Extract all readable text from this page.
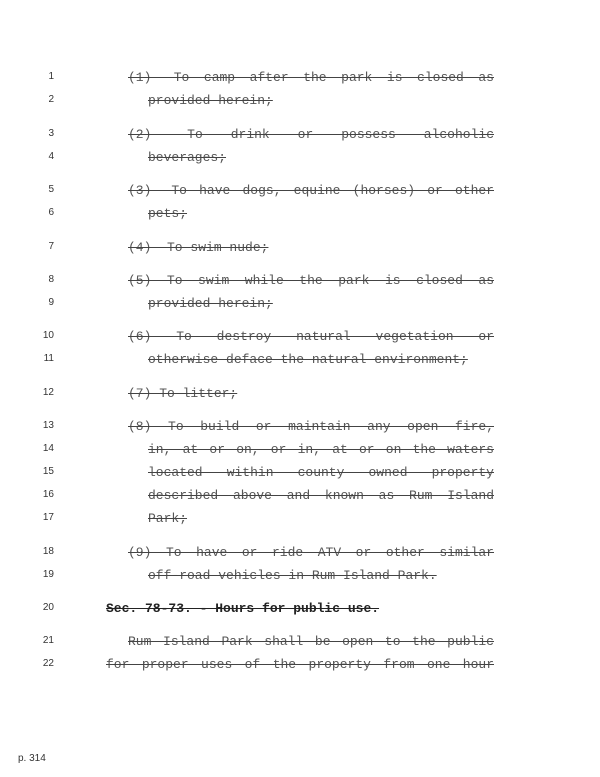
1	(1) —To camp after the park is closed as
2	provided herein;
3	(2) —To drink or possess alcoholic
4	beverages;
5	(3) —To have dogs, equine (horses) or other
6	pets;
7	(4) —To swim nude;
8	(5) To swim while the park is closed as
9	provided herein;
10	(6) To destroy natural vegetation or
11	otherwise deface the natural environment;
12	(7) To litter;
13	(8) To build or maintain any open fire,
14	in, at or on, or in, at or on the waters
15	located within county owned property
16	described above and known as Rum Island
17	Park;
18	(9) To have or ride ATV or other similar
19	off-road vehicles in Rum Island Park.
20	Sec. 78-73. - Hours for public use.
21	Rum Island Park shall be open to the public
22	for proper uses of the property from one hour
p. 314
